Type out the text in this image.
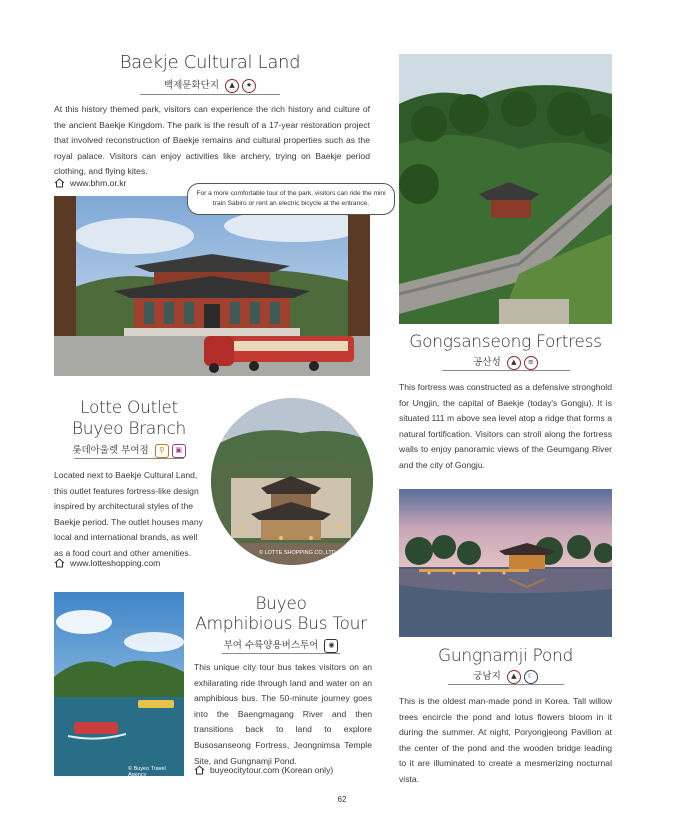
Baekje Cultural Land
백제문화단지 ▲ ★
At this history themed park, visitors can experience the rich history and culture of the ancient Baekje Kingdom. The park is the result of a 17-year restoration project that involved reconstruction of Baekje remains and cultural properties such as the royal palace. Visitors can enjoy activities like archery, trying on Baekje period clothing, and flying kites.
www.bhm.or.kr
For a more comfortable tour of the park, visitors can ride the mini train Sabiro or rent an electric bicycle at the entrance.
Gongsanseong Fortress
공산성 ▲ ≡
This fortress was constructed as a defensive stronghold for Ungjin, the capital of Baekje (today's Gongju). It is situated 111 m above sea level atop a ridge that forms a natural fortification. Visitors can stroll along the fortress walls to enjoy panoramic views of the Geumgang River and the city of Gongju.
Lotte Outlet
Buyeo Branch
롯데아울렛 부여점 ⚲ ▣
Located next to Baekje Cultural Land, this outlet features fortress-like design inspired by architectural styles of the Baekje period. The outlet houses many local and international brands, as well as a food court and other amenities.
www.lotteshopping.com
© LOTTE SHOPPING CO.,LTD.
© Buyeo Travel Agency
Buyeo
Amphibious Bus Tour
부여 수륙양용버스투어 ◉
This unique city tour bus takes visitors on an exhilarating ride through land and water on an amphibious bus. The 50-minute journey goes into the Baengmagang River and then transitions back to land to explore Busosanseong Fortress, Jeongnimsa Temple Site, and Gungnamji Pond.
buyeocitytour.com (Korean only)
Gungnamji Pond
궁남지 ▲ ☾
This is the oldest man-made pond in Korea. Tall willow trees encircle the pond and lotus flowers bloom in it during the summer. At night, Poryongjeong Pavilion at the center of the pond and the wooden bridge leading to it are illuminated to create a mesmerizing nocturnal vista.
62
